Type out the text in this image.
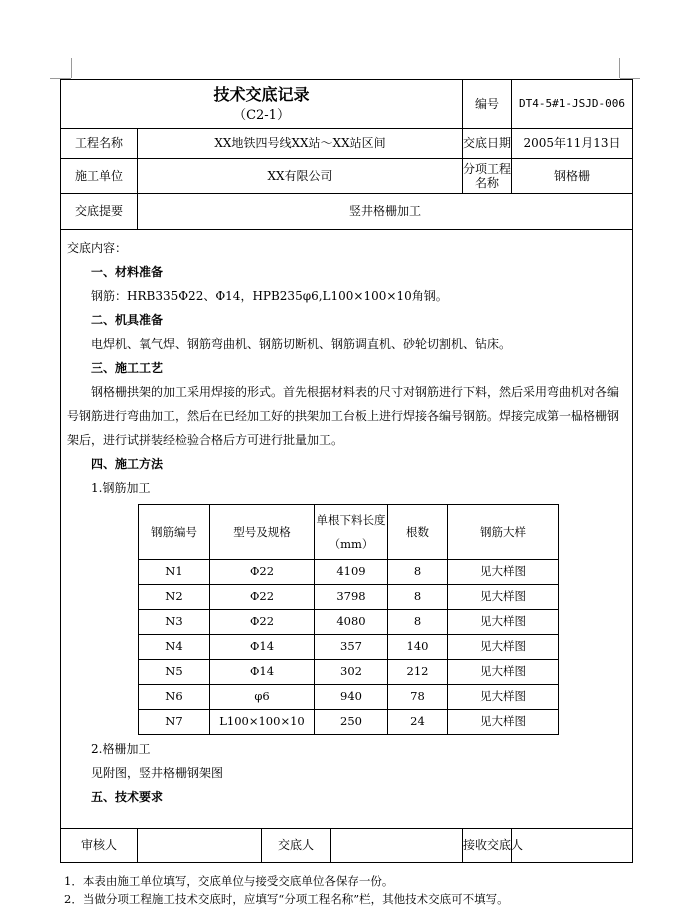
技术交底记录
（C2-1）
	编号	DT4-5#1-JSJD-006
工程名称	XX地铁四号线XX站～XX站区间	交底日期	2005年11月13日
施工单位	XX有限公司	分项工程名称	钢格栅
交底提要	竖井格栅加工

交底内容：

一、材料准备

钢筋：HRB335Φ22、Φ14，HPB235φ6,L100×100×10角钢。

二、机具准备

电焊机、氧气焊、钢筋弯曲机、钢筋切断机、钢筋调直机、砂轮切割机、钻床。

三、施工工艺

钢格栅拱架的加工采用焊接的形式。首先根据材料表的尺寸对钢筋进行下料，然后采用弯曲机对各编号钢筋进行弯曲加工，然后在已经加工好的拱架加工台板上进行焊接各编号钢筋。焊接完成第一榀格栅钢架后，进行试拼装经检验合格后方可进行批量加工。

四、施工方法

1.钢筋加工

钢筋编号	型号及规格	单根下料长度（mm）	根数	钢筋大样
N1	Φ22	4109	8	见大样图
N2	Φ22	3798	8	见大样图
N3	Φ22	4080	8	见大样图
N4	Φ14	357	140	见大样图
N5	Φ14	302	212	见大样图
N6	φ6	940	78	见大样图
N7	L100×100×10	250	24	见大样图

2.格栅加工

见附图，竖井格栅钢架图

五、技术要求

审核人		交底人		接收交底人	
1．本表由施工单位填写，交底单位与接受交底单位各保存一份。
2．当做分项工程施工技术交底时，应填写“分项工程名称”栏，其他技术交底可不填写。
